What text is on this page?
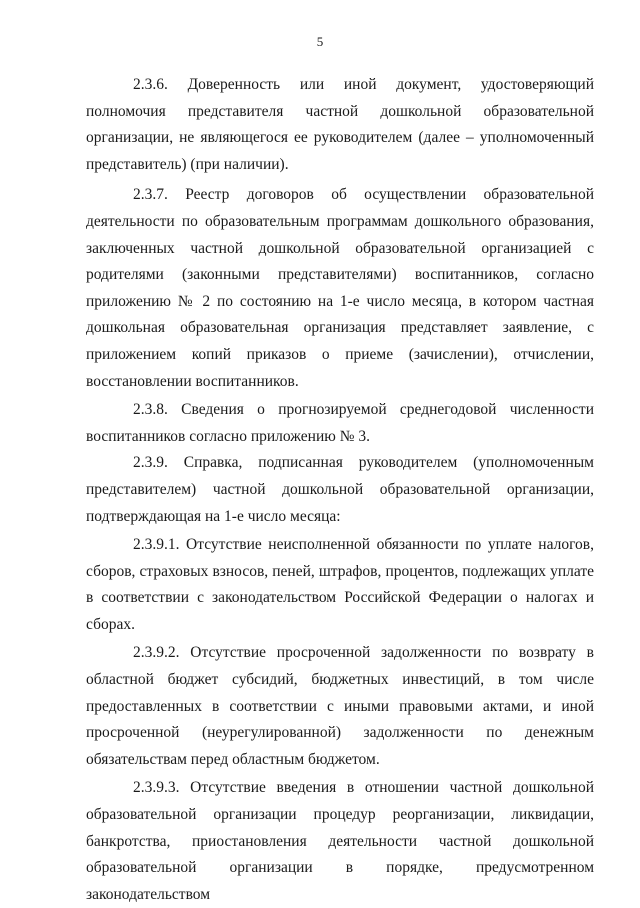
5

2.3.6. Доверенность или иной документ, удостоверяющий полномочия представителя частной дошкольной образовательной организации, не являющегося ее руководителем (далее – уполномоченный представитель) (при наличии).

2.3.7. Реестр договоров об осуществлении образовательной деятельности по образовательным программам дошкольного образования, заключенных частной дошкольной образовательной организацией с родителями (законными представителями) воспитанников, согласно приложению № 2 по состоянию на 1-е число месяца, в котором частная дошкольная образовательная организация представляет заявление, с приложением копий приказов о приеме (зачислении), отчислении, восстановлении воспитанников.

2.3.8. Сведения о прогнозируемой среднегодовой численности воспитанников согласно приложению № 3.

2.3.9. Справка, подписанная руководителем (уполномоченным представителем) частной дошкольной образовательной организации, подтверждающая на 1-е число месяца:

2.3.9.1. Отсутствие неисполненной обязанности по уплате налогов, сборов, страховых взносов, пеней, штрафов, процентов, подлежащих уплате в соответствии с законодательством Российской Федерации о налогах и сборах.

2.3.9.2. Отсутствие просроченной задолженности по возврату в областной бюджет субсидий, бюджетных инвестиций, в том числе предоставленных в соответствии с иными правовыми актами, и иной просроченной (неурегулированной) задолженности по денежным обязательствам перед областным бюджетом.

2.3.9.3. Отсутствие введения в отношении частной дошкольной образовательной организации процедур реорганизации, ликвидации, банкротства, приостановления деятельности частной дошкольной образовательной организации в порядке, предусмотренном законодательством
